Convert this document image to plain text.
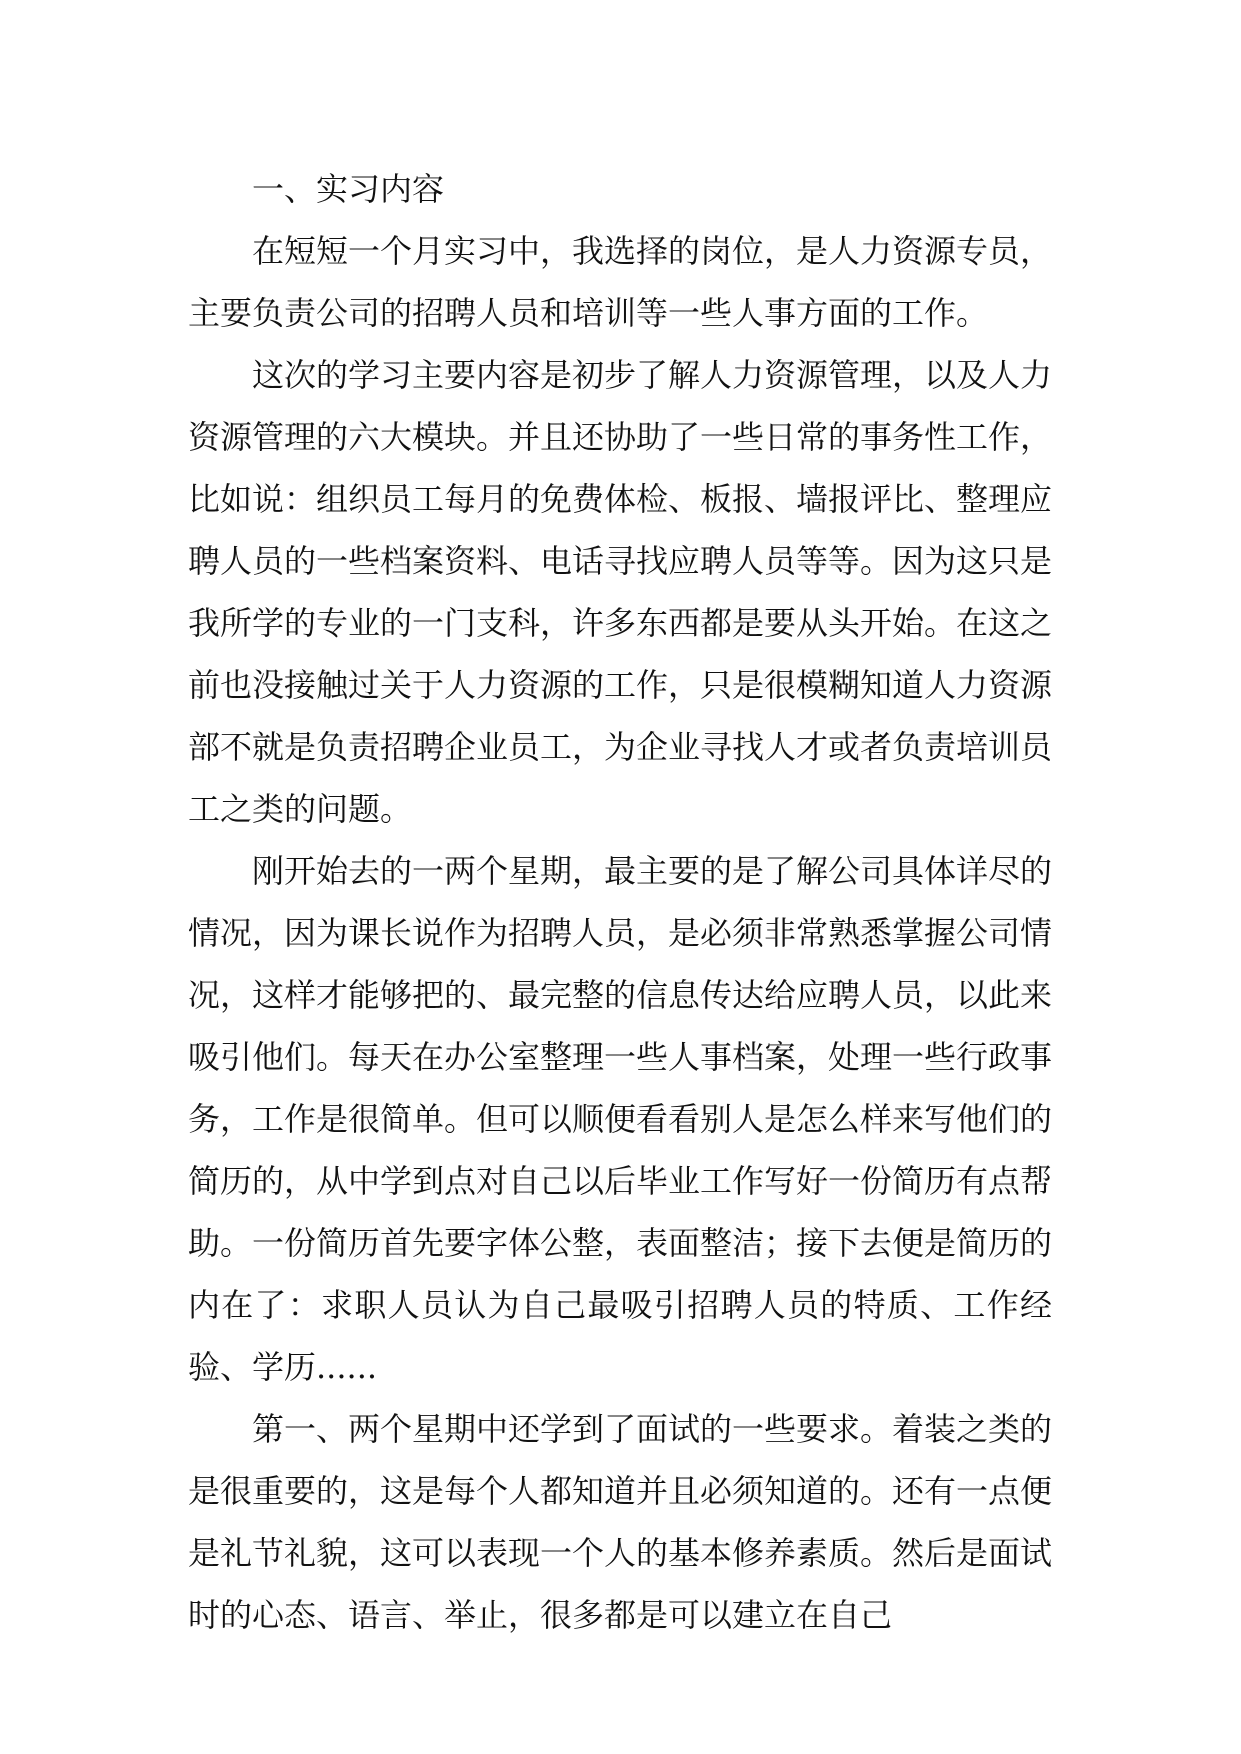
一、实习内容

在短短一个月实习中，我选择的岗位，是人力资源专员，主要负责公司的招聘人员和培训等一些人事方面的工作。

这次的学习主要内容是初步了解人力资源管理，以及人力资源管理的六大模块。并且还协助了一些日常的事务性工作，比如说：组织员工每月的免费体检、板报、墙报评比、整理应聘人员的一些档案资料、电话寻找应聘人员等等。因为这只是我所学的专业的一门支科，许多东西都是要从头开始。在这之前也没接触过关于人力资源的工作，只是很模糊知道人力资源部不就是负责招聘企业员工，为企业寻找人才或者负责培训员工之类的问题。

刚开始去的一两个星期，最主要的是了解公司具体详尽的情况，因为课长说作为招聘人员，是必须非常熟悉掌握公司情况，这样才能够把的、最完整的信息传达给应聘人员，以此来吸引他们。每天在办公室整理一些人事档案，处理一些行政事务，工作是很简单。但可以顺便看看别人是怎么样来写他们的简历的，从中学到点对自己以后毕业工作写好一份简历有点帮助。一份简历首先要字体公整，表面整洁；接下去便是简历的内在了：求职人员认为自己最吸引招聘人员的特质、工作经验、学历......

第一、两个星期中还学到了面试的一些要求。着装之类的是很重要的，这是每个人都知道并且必须知道的。还有一点便是礼节礼貌，这可以表现一个人的基本修养素质。然后是面试时的心态、语言、举止，很多都是可以建立在自己
